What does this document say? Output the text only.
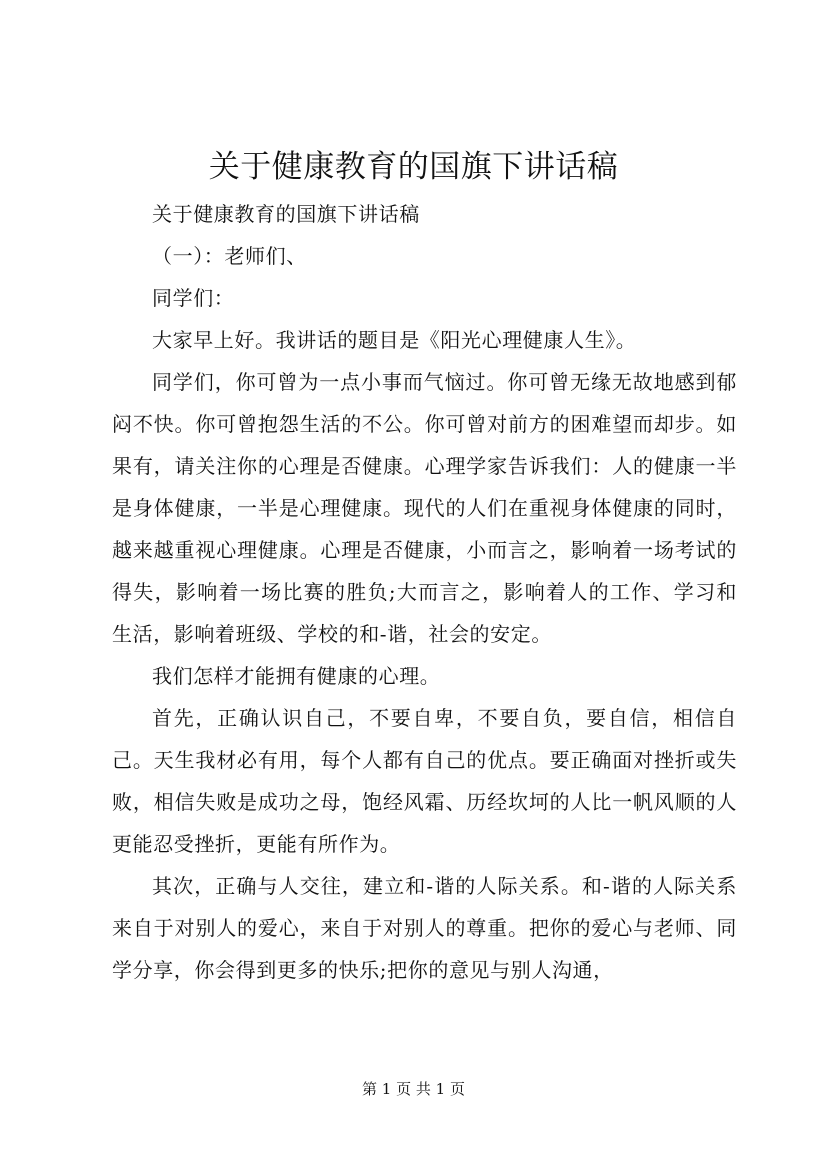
关于健康教育的国旗下讲话稿

关于健康教育的国旗下讲话稿

（一）：老师们、

同学们：

大家早上好。我讲话的题目是《阳光心理健康人生》。

同学们，你可曾为一点小事而气恼过。你可曾无缘无故地感到郁闷不快。你可曾抱怨生活的不公。你可曾对前方的困难望而却步。如果有，请关注你的心理是否健康。心理学家告诉我们：人的健康一半是身体健康，一半是心理健康。现代的人们在重视身体健康的同时，越来越重视心理健康。心理是否健康，小而言之，影响着一场考试的得失，影响着一场比赛的胜负;大而言之，影响着人的工作、学习和生活，影响着班级、学校的和-谐，社会的安定。

我们怎样才能拥有健康的心理。

首先，正确认识自己，不要自卑，不要自负，要自信，相信自己。天生我材必有用，每个人都有自己的优点。要正确面对挫折或失败，相信失败是成功之母，饱经风霜、历经坎坷的人比一帆风顺的人更能忍受挫折，更能有所作为。

其次，正确与人交往，建立和-谐的人际关系。和-谐的人际关系来自于对别人的爱心，来自于对别人的尊重。把你的爱心与老师、同学分享，你会得到更多的快乐;把你的意见与别人沟通，

第 1 页 共 1 页
